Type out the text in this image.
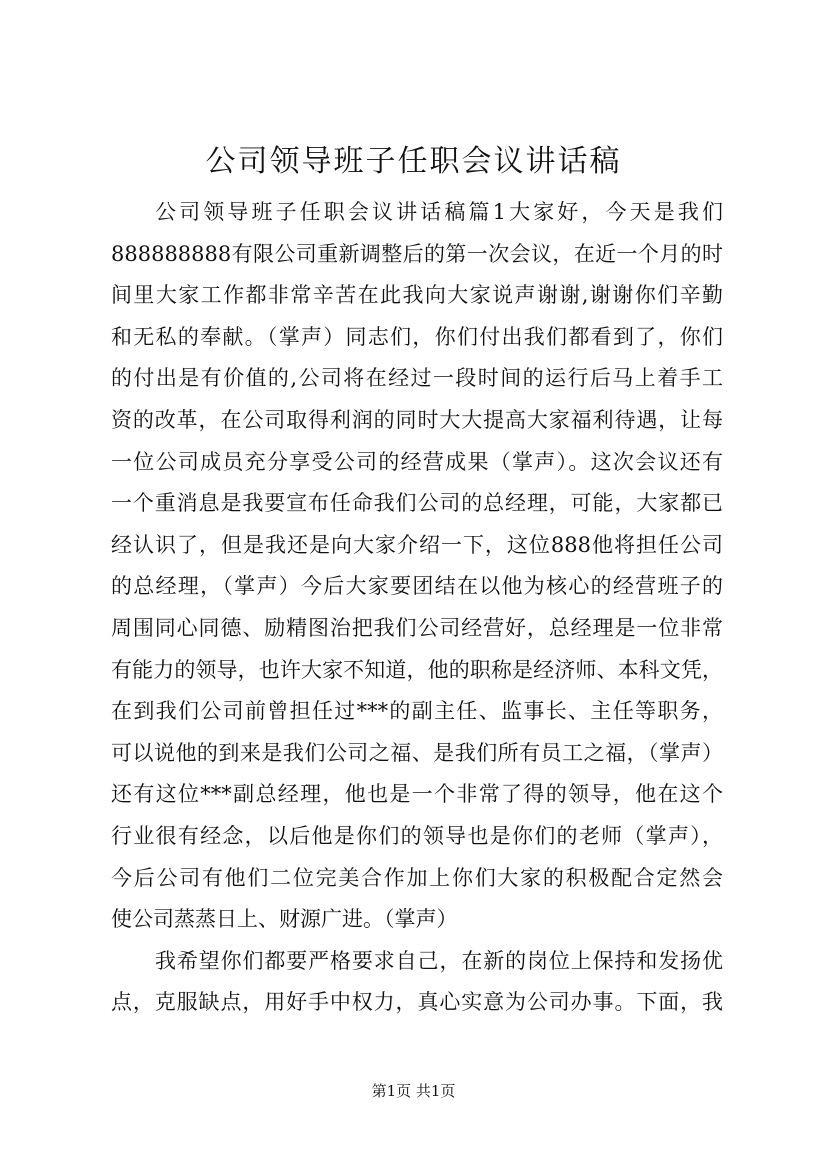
公司领导班子任职会议讲话稿
公司领导班子任职会议讲话稿篇1大家好，今天是我们
888888888有限公司重新调整后的第一次会议，在近一个月的时
间里大家工作都非常辛苦在此我向大家说声谢谢,谢谢你们辛勤
和无私的奉献。（掌声）同志们，你们付出我们都看到了，你们
的付出是有价值的,公司将在经过一段时间的运行后马上着手工
资的改革，在公司取得利润的同时大大提高大家福利待遇，让每
一位公司成员充分享受公司的经营成果（掌声）。这次会议还有
一个重消息是我要宣布任命我们公司的总经理，可能，大家都已
经认识了，但是我还是向大家介绍一下，这位888他将担任公司
的总经理，（掌声）今后大家要团结在以他为核心的经营班子的
周围同心同德、励精图治把我们公司经营好，总经理是一位非常
有能力的领导，也许大家不知道，他的职称是经济师、本科文凭，
在到我们公司前曾担任过***的副主任、监事长、主任等职务，
可以说他的到来是我们公司之福、是我们所有员工之福，（掌声）
还有这位***副总经理，他也是一个非常了得的领导，他在这个
行业很有经念，以后他是你们的领导也是你们的老师（掌声），
今后公司有他们二位完美合作加上你们大家的积极配合定然会
使公司蒸蒸日上、财源广进。（掌声）
我希望你们都要严格要求自己，在新的岗位上保持和发扬优
点，克服缺点，用好手中权力，真心实意为公司办事。下面，我
第1页 共1页
